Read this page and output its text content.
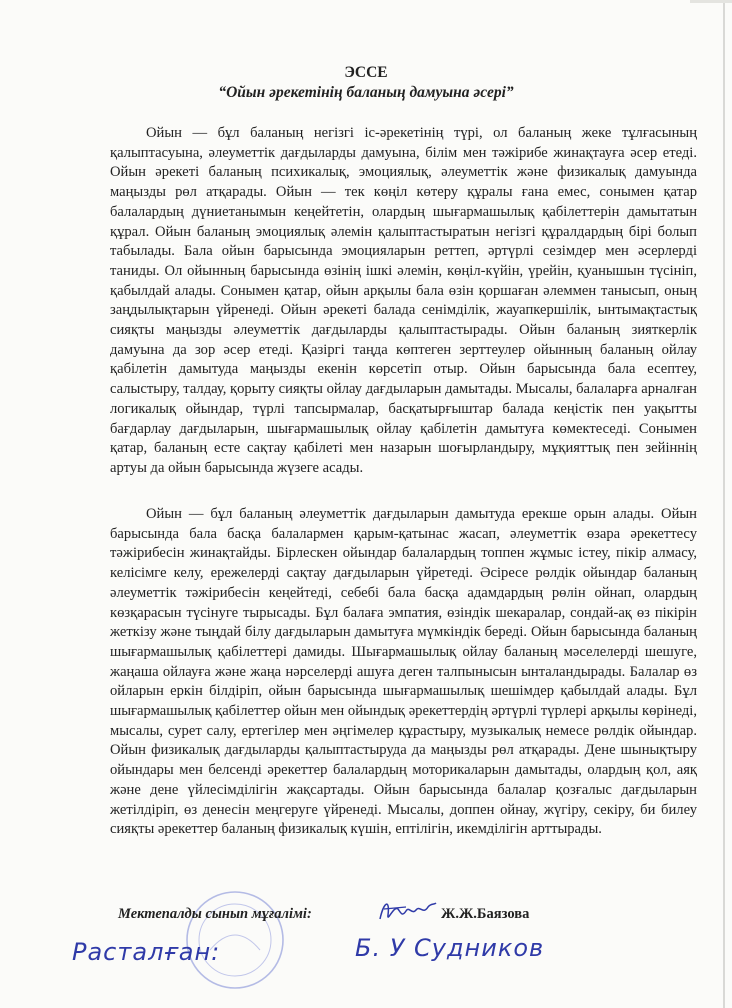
ЭССЕ
“Ойын әрекетінің баланың дамуына әсері”

Ойын — бұл баланың негізгі іс-әрекетінің түрі, ол баланың жеке тұлғасының қалыптасуына, әлеуметтік дағдыларды дамуына, білім мен тәжірибе жинақтауға әсер етеді. Ойын әрекеті баланың психикалық, эмоциялық, әлеуметтік және физикалық дамуында маңызды рөл атқарады. Ойын — тек көңіл көтеру құралы ғана емес, сонымен қатар балалардың дүниетанымын кеңейтетін, олардың шығармашылық қабілеттерін дамытатын құрал. Ойын баланың эмоциялық әлемін қалыптастыратын негізгі құралдардың бірі болып табылады. Бала ойын барысында эмоцияларын реттеп, әртүрлі сезімдер мен әсерлерді таниды. Ол ойынның барысында өзінің ішкі әлемін, көңіл-күйін, үрейін, қуанышын түсініп, қабылдай алады. Сонымен қатар, ойын арқылы бала өзін қоршаған әлеммен танысып, оның заңдылықтарын үйренеді. Ойын әрекеті балада сенімділік, жауапкершілік, ынтымақтастық сияқты маңызды әлеуметтік дағдыларды қалыптастырады. Ойын баланың зияткерлік дамуына да зор әсер етеді. Қазіргі таңда көптеген зерттеулер ойынның баланың ойлау қабілетін дамытуда маңызды екенін көрсетіп отыр. Ойын барысында бала есептеу, салыстыру, талдау, қорыту сияқты ойлау дағдыларын дамытады. Мысалы, балаларға арналған логикалық ойындар, түрлі тапсырмалар, басқатырғыштар балада кеңістік пен уақытты бағдарлау дағдыларын, шығармашылық ойлау қабілетін дамытуға көмектеседі. Сонымен қатар, баланың есте сақтау қабілеті мен назарын шоғырландыру, мұқияттық пен зейіннің артуы да ойын барысында жүзеге асады.

Ойын — бұл баланың әлеуметтік дағдыларын дамытуда ерекше орын алады. Ойын барысында бала басқа балалармен қарым-қатынас жасап, әлеуметтік өзара әрекеттесу тәжірибесін жинақтайды. Бірлескен ойындар балалардың топпен жұмыс істеу, пікір алмасу, келісімге келу, ережелерді сақтау дағдыларын үйретеді. Әсіресе рөлдік ойындар баланың әлеуметтік тәжірибесін кеңейтеді, себебі бала басқа адамдардың рөлін ойнап, олардың көзқарасын түсінуге тырысады. Бұл балаға эмпатия, өзіндік шекаралар, сондай-ақ өз пікірін жеткізу және тыңдай білу дағдыларын дамытуға мүмкіндік береді. Ойын барысында баланың шығармашылық қабілеттері дамиды. Шығармашылық ойлау баланың мәселелерді шешуге, жаңаша ойлауға және жаңа нәрселерді ашуға деген талпынысын ынталандырады. Балалар өз ойларын еркін білдіріп, ойын барысында шығармашылық шешімдер қабылдай алады. Бұл шығармашылық қабілеттер ойын мен ойындық әрекеттердің әртүрлі түрлері арқылы көрінеді, мысалы, сурет салу, ертегілер мен әңгімелер құрастыру, музыкалық немесе рөлдік ойындар. Ойын физикалық дағдыларды қалыптастыруда да маңызды рөл атқарады. Дене шынықтыру ойындары мен белсенді әрекеттер балалардың моторикаларын дамытады, олардың қол, аяқ және дене үйлесімділігін жақсартады. Ойын барысында балалар қозғалыс дағдыларын жетілдіріп, өз денесін меңгеруге үйренеді. Мысалы, доппен ойнау, жүгіру, секіру, би билеу сияқты әрекеттер баланың физикалық күшін, ептілігін, икемділігін арттырады.

Мектепалды сынып мұғалімі:	Ж.Ж.Баязова
Расталған:	Б. У Судников
